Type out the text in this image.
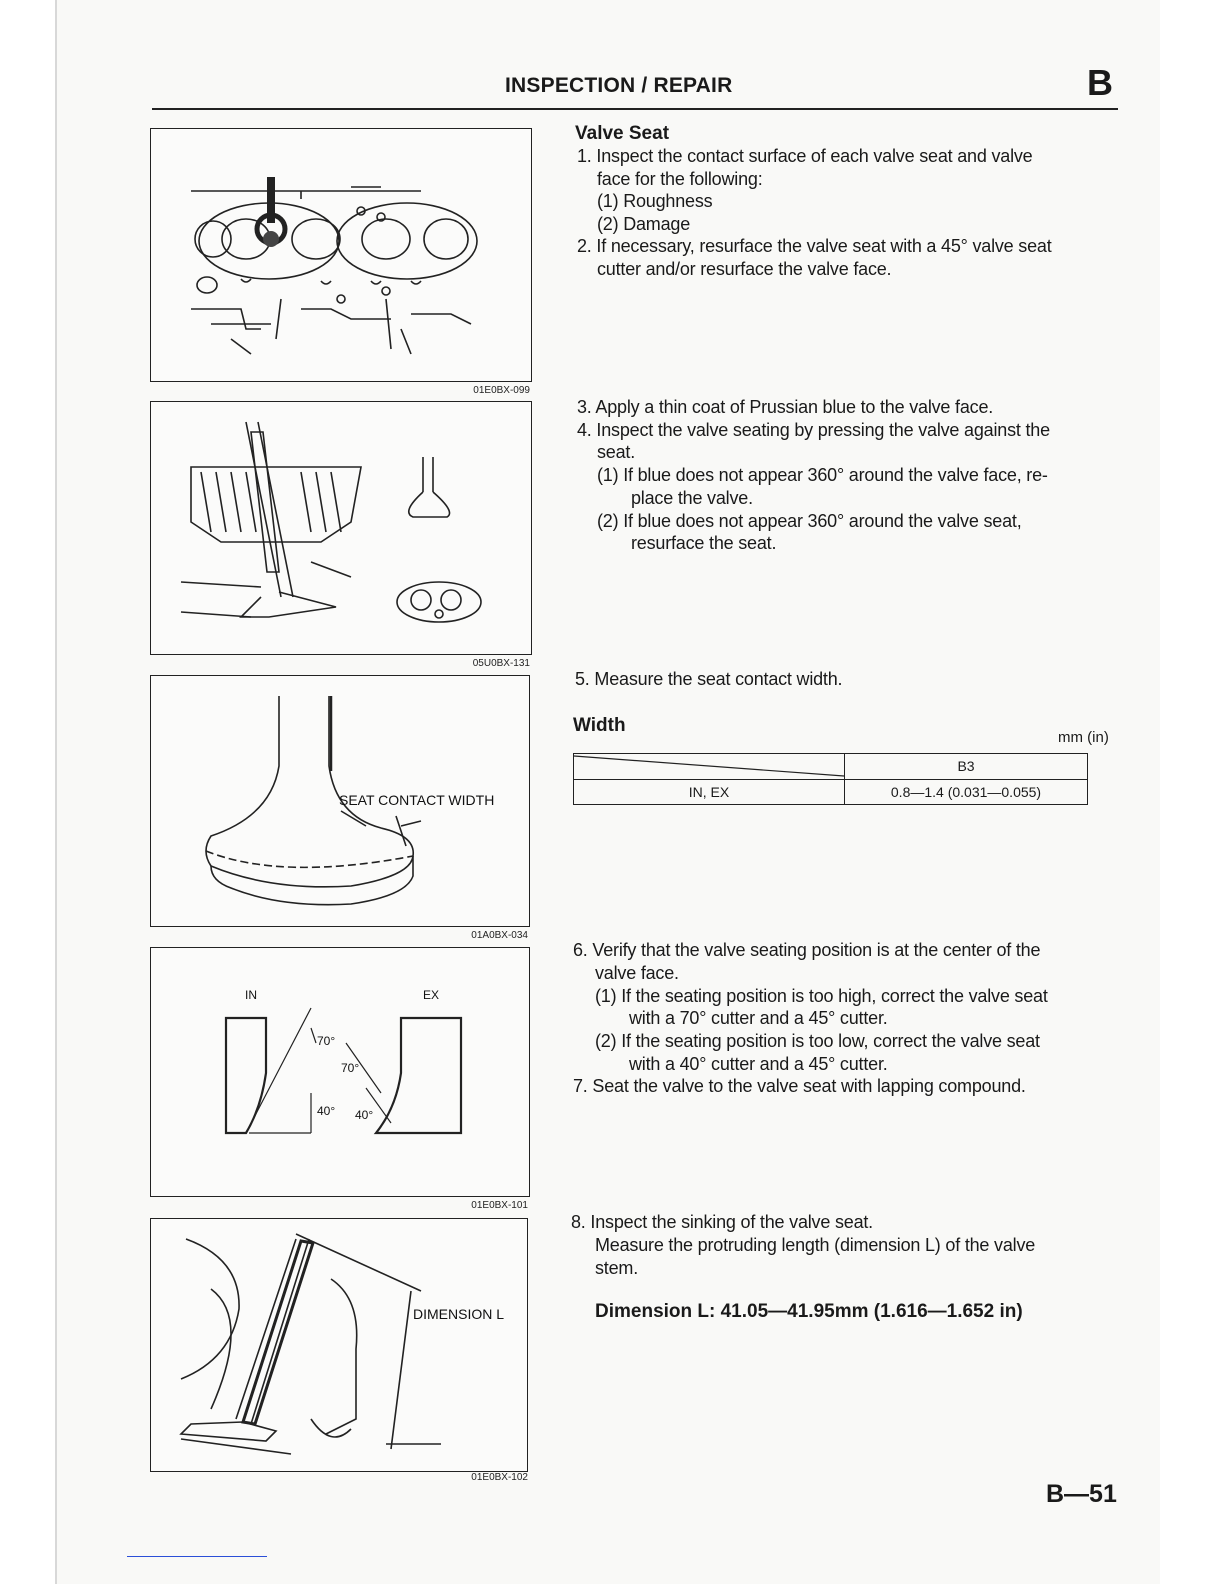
INSPECTION / REPAIR	B
01E0BX-099
05U0BX-131
SEAT CONTACT WIDTH
01A0BX-034
IN	EX
70°
70°
40° 40°
01E0BX-101
DIMENSION L
01E0BX-102
Valve Seat
1. Inspect the contact surface of each valve seat and valve
face for the following:
(1) Roughness
(2) Damage
2. If necessary, resurface the valve seat with a 45° valve seat
cutter and/or resurface the valve face.
3. Apply a thin coat of Prussian blue to the valve face.
4. Inspect the valve seating by pressing the valve against the
seat.
(1) If blue does not appear 360° around the valve face, re-
place the valve.
(2) If blue does not appear 360° around the valve seat,
resurface the seat.
5. Measure the seat contact width.
Width
mm (in)
	B3
IN, EX	0.8—1.4 (0.031—0.055)
6. Verify that the valve seating position is at the center of the
valve face.
(1) If the seating position is too high, correct the valve seat
with a 70° cutter and a 45° cutter.
(2) If the seating position is too low, correct the valve seat
with a 40° cutter and a 45° cutter.
7. Seat the valve to the valve seat with lapping compound.
8. Inspect the sinking of the valve seat.
Measure the protruding length (dimension L) of the valve
stem.
Dimension L: 41.05—41.95mm (1.616—1.652 in)
B—51
